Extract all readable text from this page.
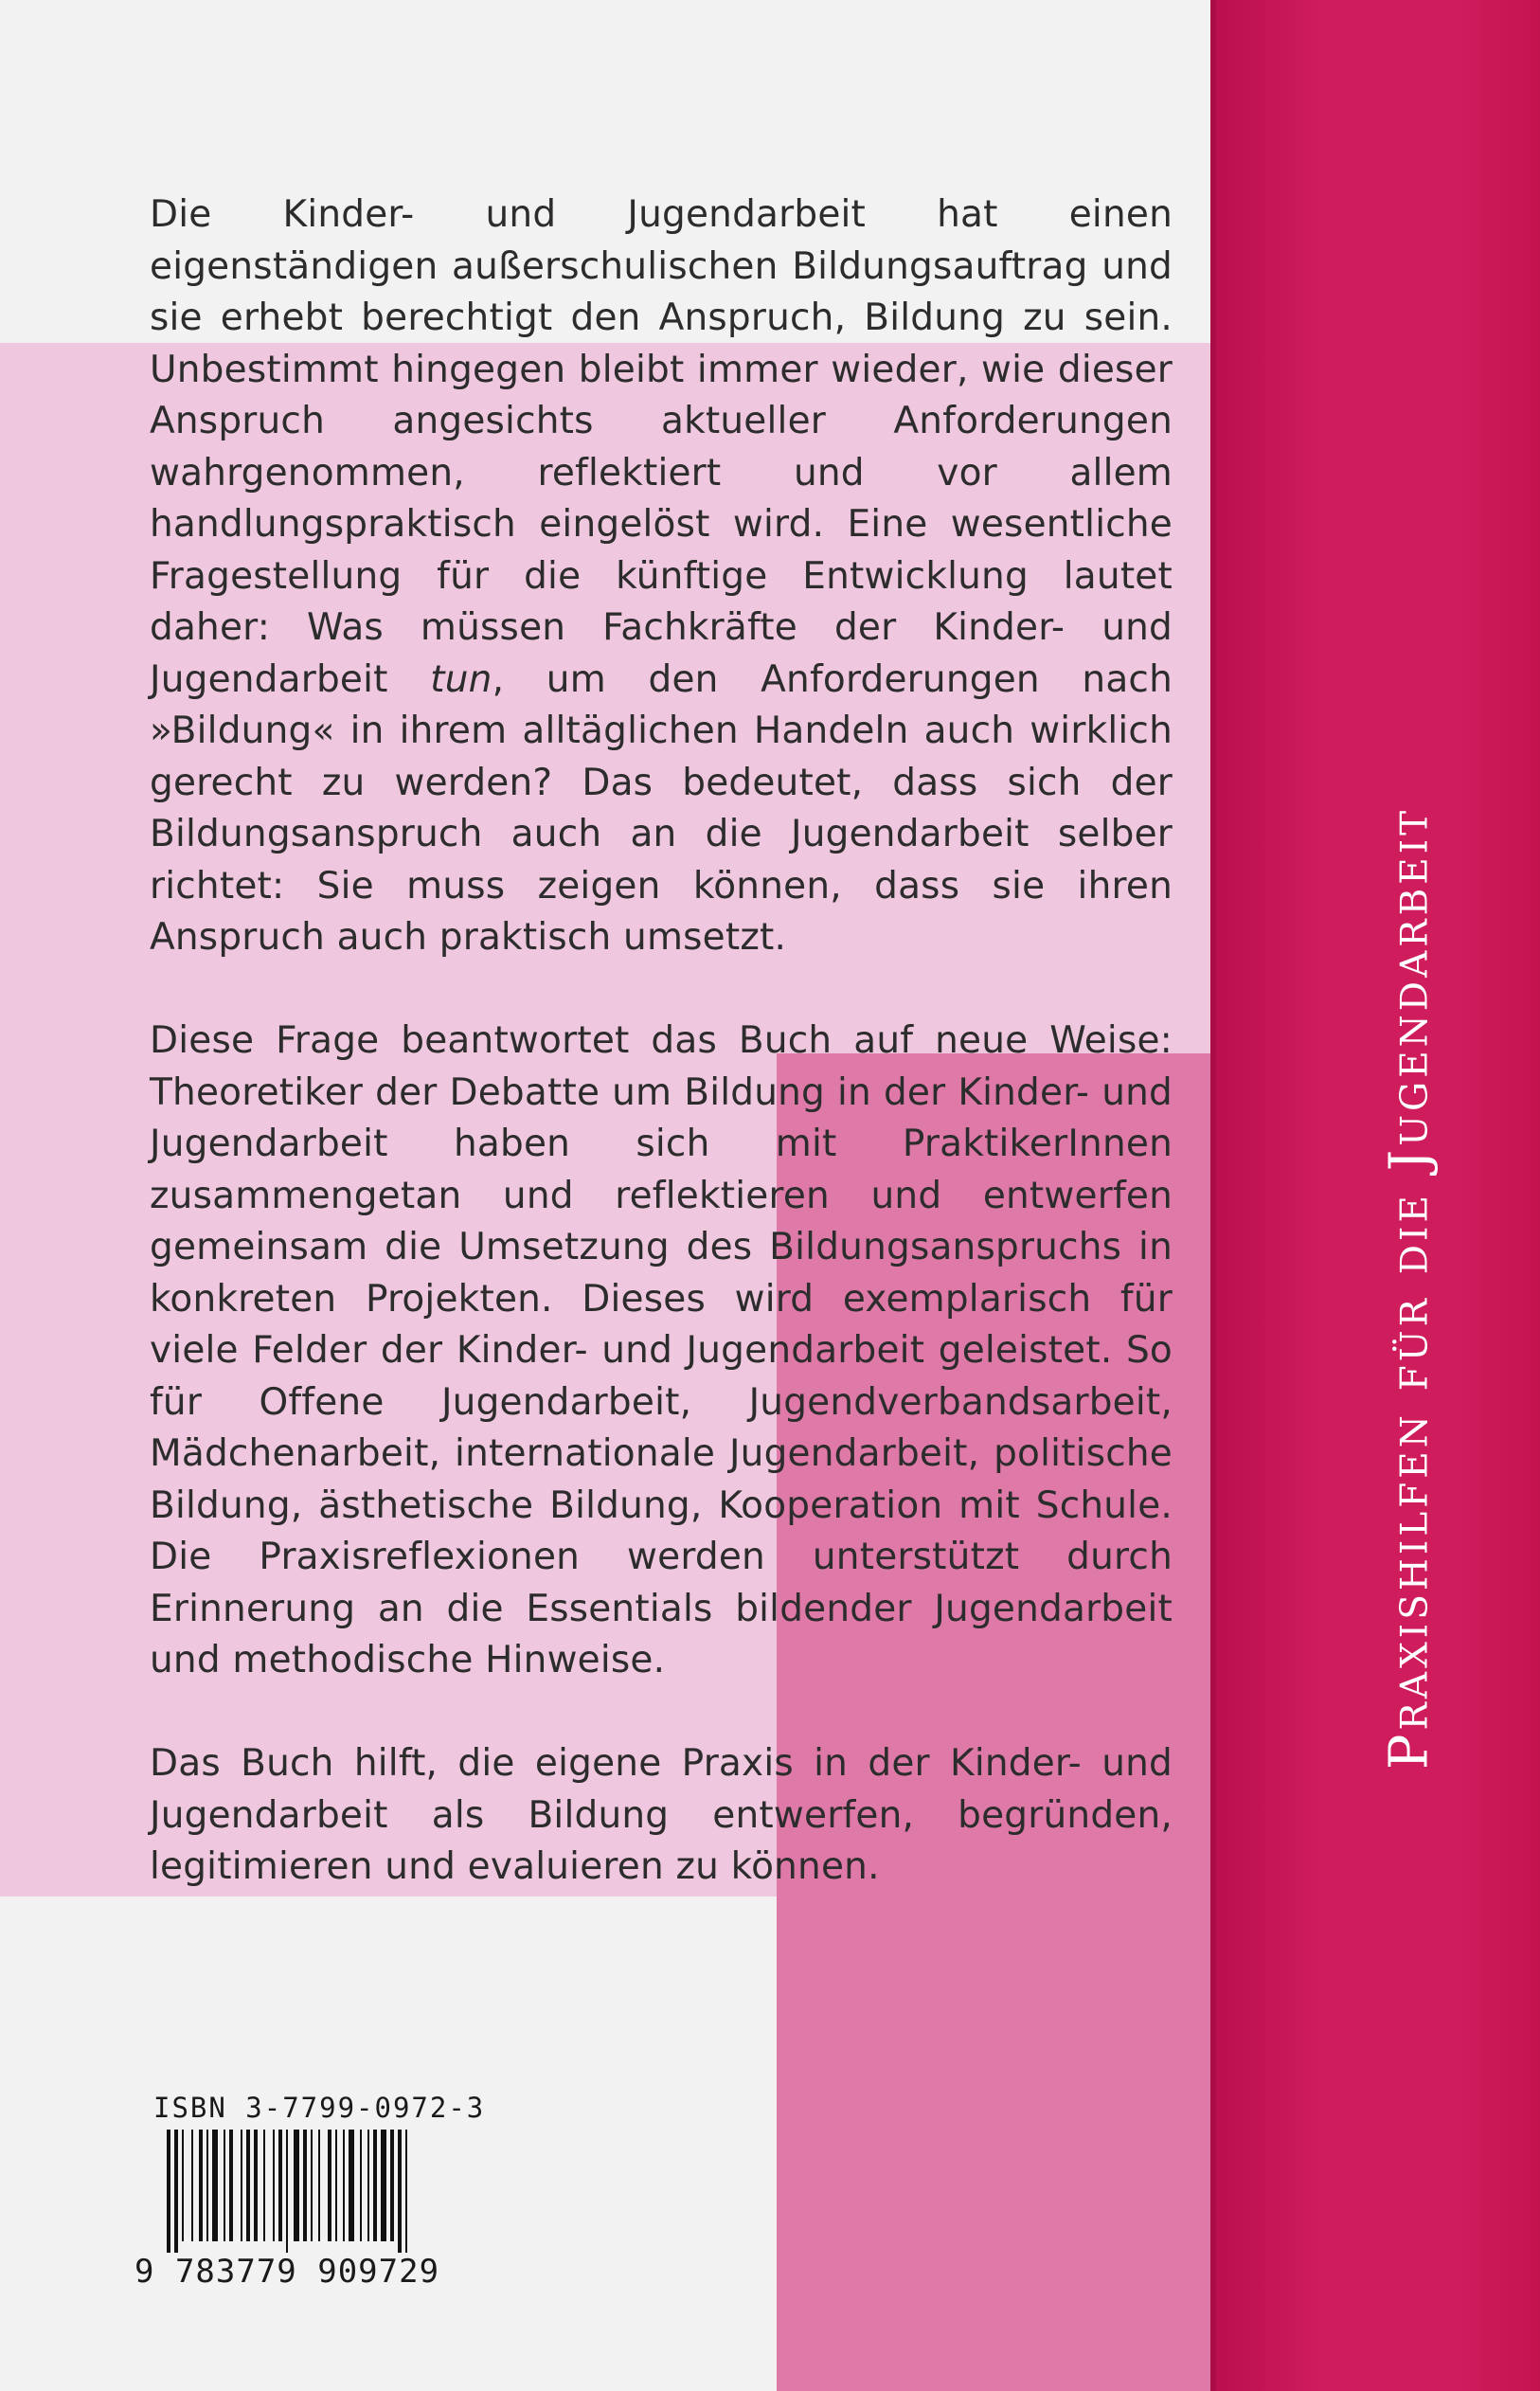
Praxishilfen für die Jugendarbeit

Die Kinder- und Jugendarbeit hat einen eigenständigen außerschulischen Bildungsauftrag und sie erhebt berechtigt den Anspruch, Bildung zu sein. Unbestimmt hingegen bleibt immer wieder, wie dieser Anspruch angesichts aktueller Anforderungen wahrgenommen, reflektiert und vor allem handlungspraktisch eingelöst wird. Eine wesentliche Fragestellung für die künftige Entwicklung lautet daher: Was müssen Fachkräfte der Kinder- und Jugendarbeit tun, um den Anforderungen nach »Bildung« in ihrem alltäglichen Handeln auch wirklich gerecht zu werden? Das bedeutet, dass sich der Bildungsanspruch auch an die Jugendarbeit selber richtet: Sie muss zeigen können, dass sie ihren Anspruch auch praktisch umsetzt.

Diese Frage beantwortet das Buch auf neue Weise: Theoretiker der Debatte um Bildung in der Kinder- und Jugendarbeit haben sich mit PraktikerInnen zusammengetan und reflektieren und entwerfen gemeinsam die Umsetzung des Bildungsanspruchs in konkreten Projekten. Dieses wird exemplarisch für viele Felder der Kinder- und Jugendarbeit geleistet. So für Offene Jugendarbeit, Jugendverbandsarbeit, Mädchenarbeit, internationale Jugendarbeit, politische Bildung, ästhetische Bildung, Kooperation mit Schule. Die Praxisreflexionen werden unterstützt durch Erinnerung an die Essentials bildender Jugendarbeit und methodische Hinweise.

Das Buch hilft, die eigene Praxis in der Kinder- und Jugendarbeit als Bildung entwerfen, begründen, legitimieren und evaluieren zu können.

ISBN 3-7799-0972-3
9 783779 909729
